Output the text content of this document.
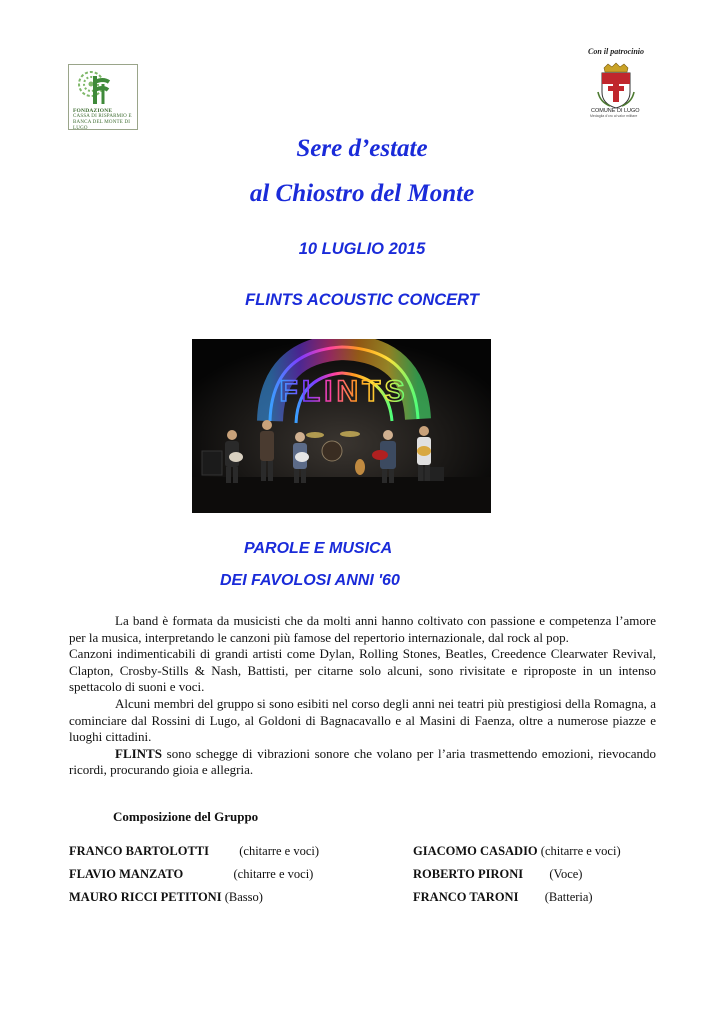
FONDAZIONE
CASSA DI RISPARMIO E
BANCA DEL MONTE DI LUGO
Con il patrocinio
COMUNE DI LUGO
Medaglia d'oro al valor militare
Sere d’estate
al Chiostro del Monte
10 LUGLIO 2015
FLINTS ACOUSTIC CONCERT
FLINTS
PAROLE E MUSICA
DEI FAVOLOSI ANNI '60

La band è formata da musicisti che da molti anni hanno coltivato con passione e competenza l’amore per la musica, interpretando le canzoni più famose del repertorio internazionale, dal rock al pop.

Canzoni indimenticabili di grandi artisti come Dylan, Rolling Stones, Beatles, Creedence Clearwater Revival, Clapton, Crosby-Stills & Nash, Battisti, per citarne solo alcuni, sono rivisitate e riproposte in un intenso spettacolo di suoni e voci.

Alcuni membri del gruppo si sono esibiti nel corso degli anni nei teatri più prestigiosi della Romagna, a cominciare dal Rossini di Lugo, al Goldoni di Bagnacavallo e al Masini di Faenza, oltre a numerose piazze e luoghi cittadini.

FLINTS sono schegge di vibrazioni sonore che volano per l’aria trasmettendo emozioni, rievocando ricordi, procurando gioia e allegria.

Composizione del Gruppo
FRANCO BARTOLOTTI (chitarre e voci)	GIACOMO CASADIO (chitarre e voci)
FLAVIO MANZATO	(chitarre e voci)	ROBERTO PIRONI (Voce)
MAURO RICCI PETITONI (Basso)	FRANCO TARONI (Batteria)
